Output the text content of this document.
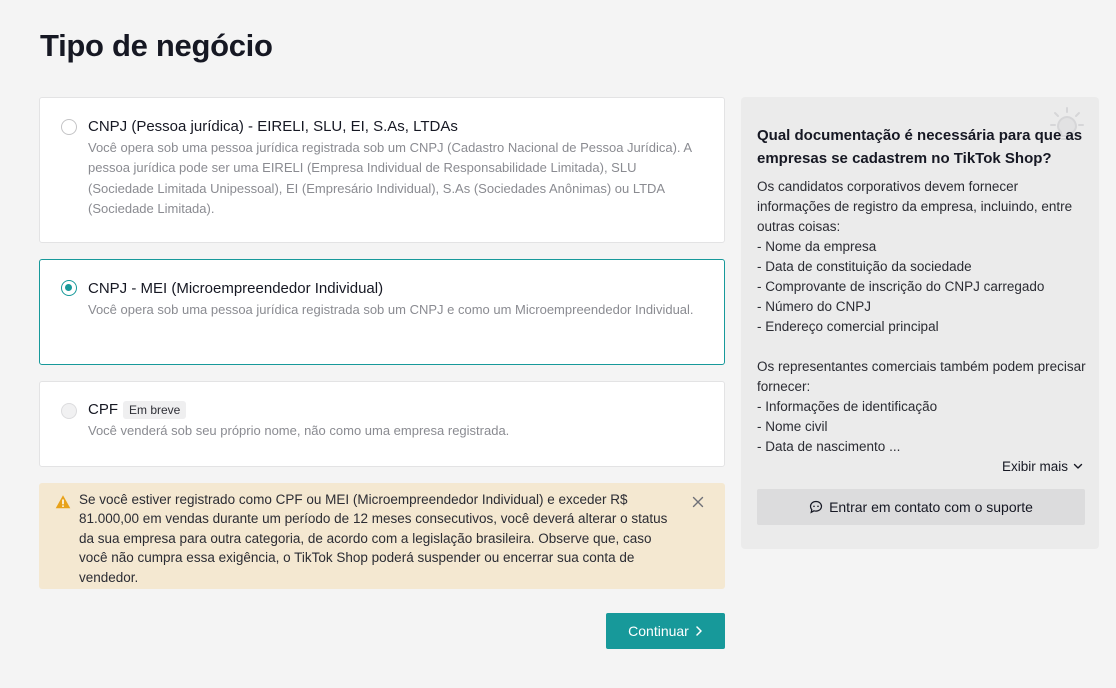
Tipo de negócio
CNPJ (Pessoa jurídica) - EIRELI, SLU, EI, S.As, LTDAs
Você opera sob uma pessoa jurídica registrada sob um CNPJ (Cadastro Nacional de Pessoa Jurídica). A pessoa jurídica pode ser uma EIRELI (Empresa Individual de Responsabilidade Limitada), SLU (Sociedade Limitada Unipessoal), EI (Empresário Individual), S.As (Sociedades Anônimas) ou LTDA (Sociedade Limitada).
CNPJ - MEI (Microempreendedor Individual)
Você opera sob uma pessoa jurídica registrada sob um CNPJ e como um Microempreendedor Individual.
CPF Em breve
Você venderá sob seu próprio nome, não como uma empresa registrada.
Se você estiver registrado como CPF ou MEI (Microempreendedor Individual) e exceder R$ 81.000,00 em vendas durante um período de 12 meses consecutivos, você deverá alterar o status da sua empresa para outra categoria, de acordo com a legislação brasileira. Observe que, caso você não cumpra essa exigência, o TikTok Shop poderá suspender ou encerrar sua conta de vendedor.
Continuar
Qual documentação é necessária para que as empresas se cadastrem no TikTok Shop?

Os candidatos corporativos devem fornecer informações de registro da empresa, incluindo, entre outras coisas:

- Nome da empresa

- Data de constituição da sociedade

- Comprovante de inscrição do CNPJ carregado

- Número do CNPJ

- Endereço comercial principal

Os representantes comerciais também podem precisar fornecer:

- Informações de identificação

- Nome civil

- Data de nascimento ...

Exibir mais
Entrar em contato com o suporte
